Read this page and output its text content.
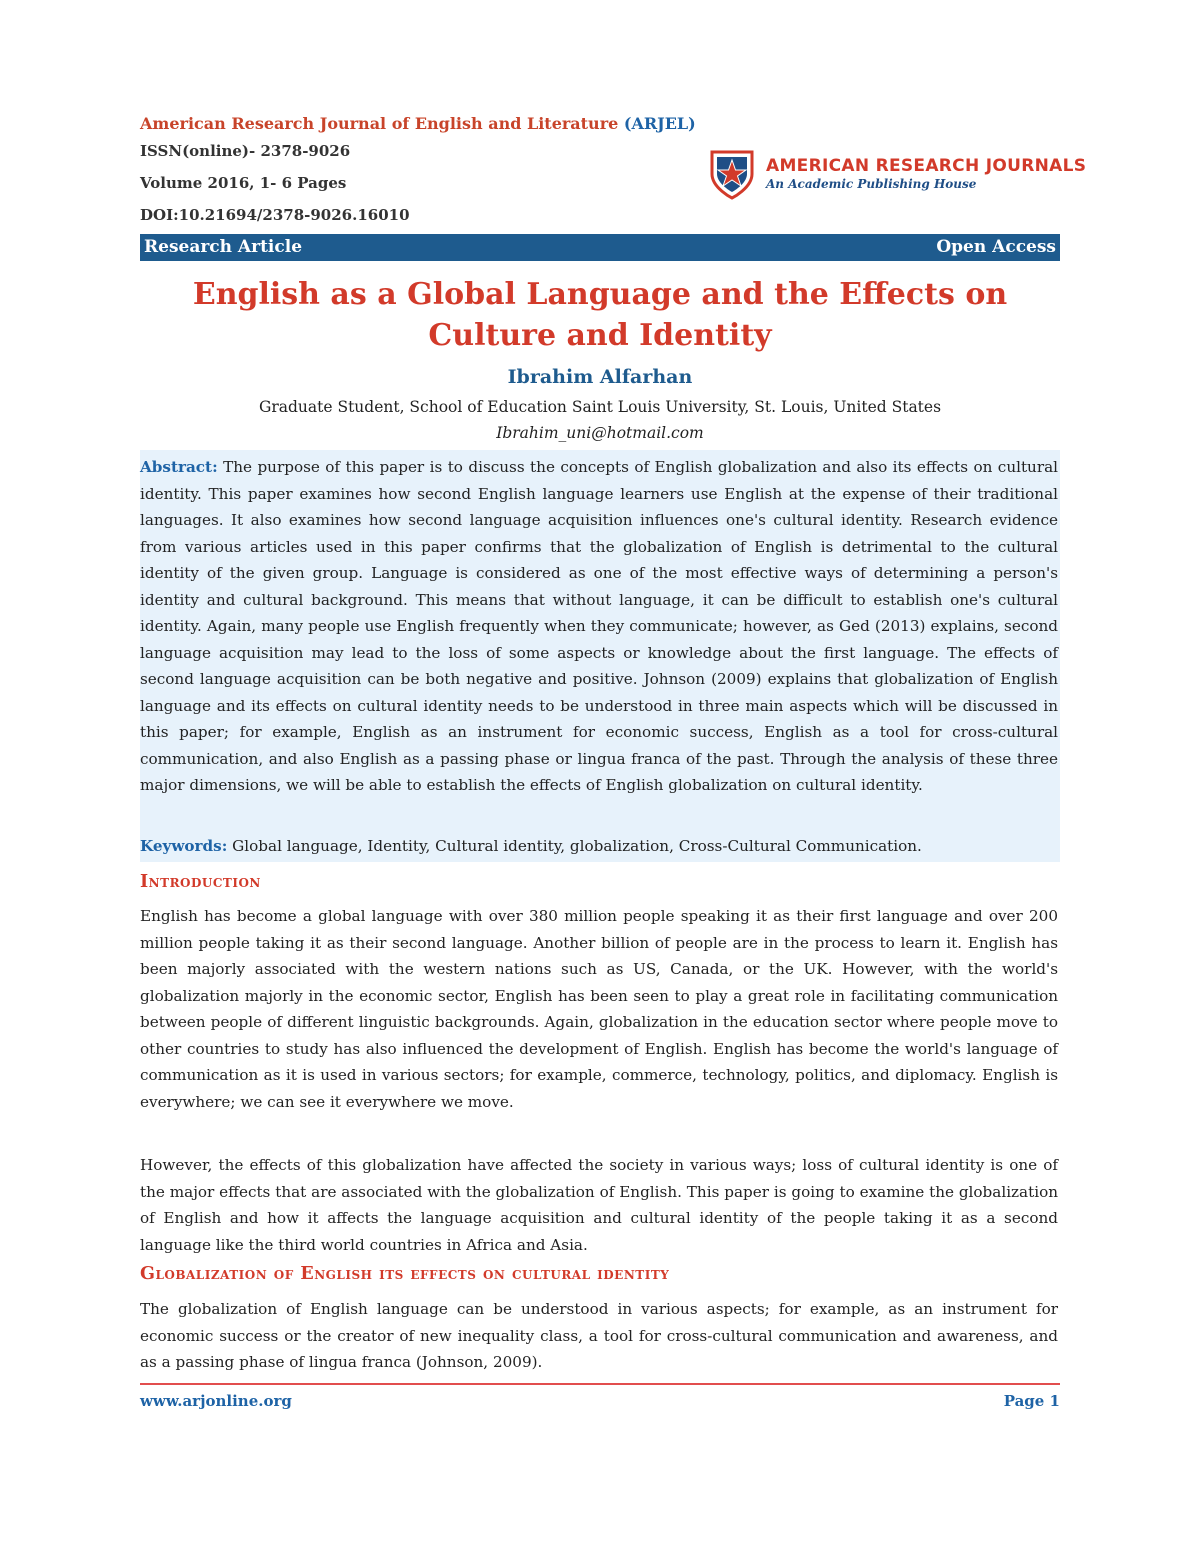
American Research Journal of English and Literature (ARJEL)
ISSN(online)- 2378-9026
Volume 2016, 1- 6 Pages
DOI:10.21694/2378-9026.16010
AMERICAN RESEARCH JOURNALS
An Academic Publishing House
Research Article	Open Access
English as a Global Language and the Effects on Culture and Identity
Ibrahim Alfarhan
Graduate Student, School of Education Saint Louis University, St. Louis, United States
Ibrahim_uni@hotmail.com
Abstract: The purpose of this paper is to discuss the concepts of English globalization and also its effects on cultural identity. This paper examines how second English language learners use English at the expense of their traditional languages. It also examines how second language acquisition influences one's cultural identity. Research evidence from various articles used in this paper confirms that the globalization of English is detrimental to the cultural identity of the given group. Language is considered as one of the most effective ways of determining a person's identity and cultural background. This means that without language, it can be difficult to establish one's cultural identity. Again, many people use English frequently when they communicate; however, as Ged (2013) explains, second language acquisition may lead to the loss of some aspects or knowledge about the first language. The effects of second language acquisition can be both negative and positive. Johnson (2009) explains that globalization of English language and its effects on cultural identity needs to be understood in three main aspects which will be discussed in this paper; for example, English as an instrument for economic success, English as a tool for cross-cultural communication, and also English as a passing phase or lingua franca of the past. Through the analysis of these three major dimensions, we will be able to establish the effects of English globalization on cultural identity.
Keywords: Global language, Identity, Cultural identity, globalization, Cross-Cultural Communication.
Introduction
English has become a global language with over 380 million people speaking it as their first language and over 200 million people taking it as their second language. Another billion of people are in the process to learn it. English has been majorly associated with the western nations such as US, Canada, or the UK. However, with the world's globalization majorly in the economic sector, English has been seen to play a great role in facilitating communication between people of different linguistic backgrounds. Again, globalization in the education sector where people move to other countries to study has also influenced the development of English. English has become the world's language of communication as it is used in various sectors; for example, commerce, technology, politics, and diplomacy. English is everywhere; we can see it everywhere we move.
However, the effects of this globalization have affected the society in various ways; loss of cultural identity is one of the major effects that are associated with the globalization of English. This paper is going to examine the globalization of English and how it affects the language acquisition and cultural identity of the people taking it as a second language like the third world countries in Africa and Asia.
Globalization of English its effects on cultural identity
The globalization of English language can be understood in various aspects; for example, as an instrument for economic success or the creator of new inequality class, a tool for cross-cultural communication and awareness, and as a passing phase of lingua franca (Johnson, 2009).
www.arjonline.org	Page 1
